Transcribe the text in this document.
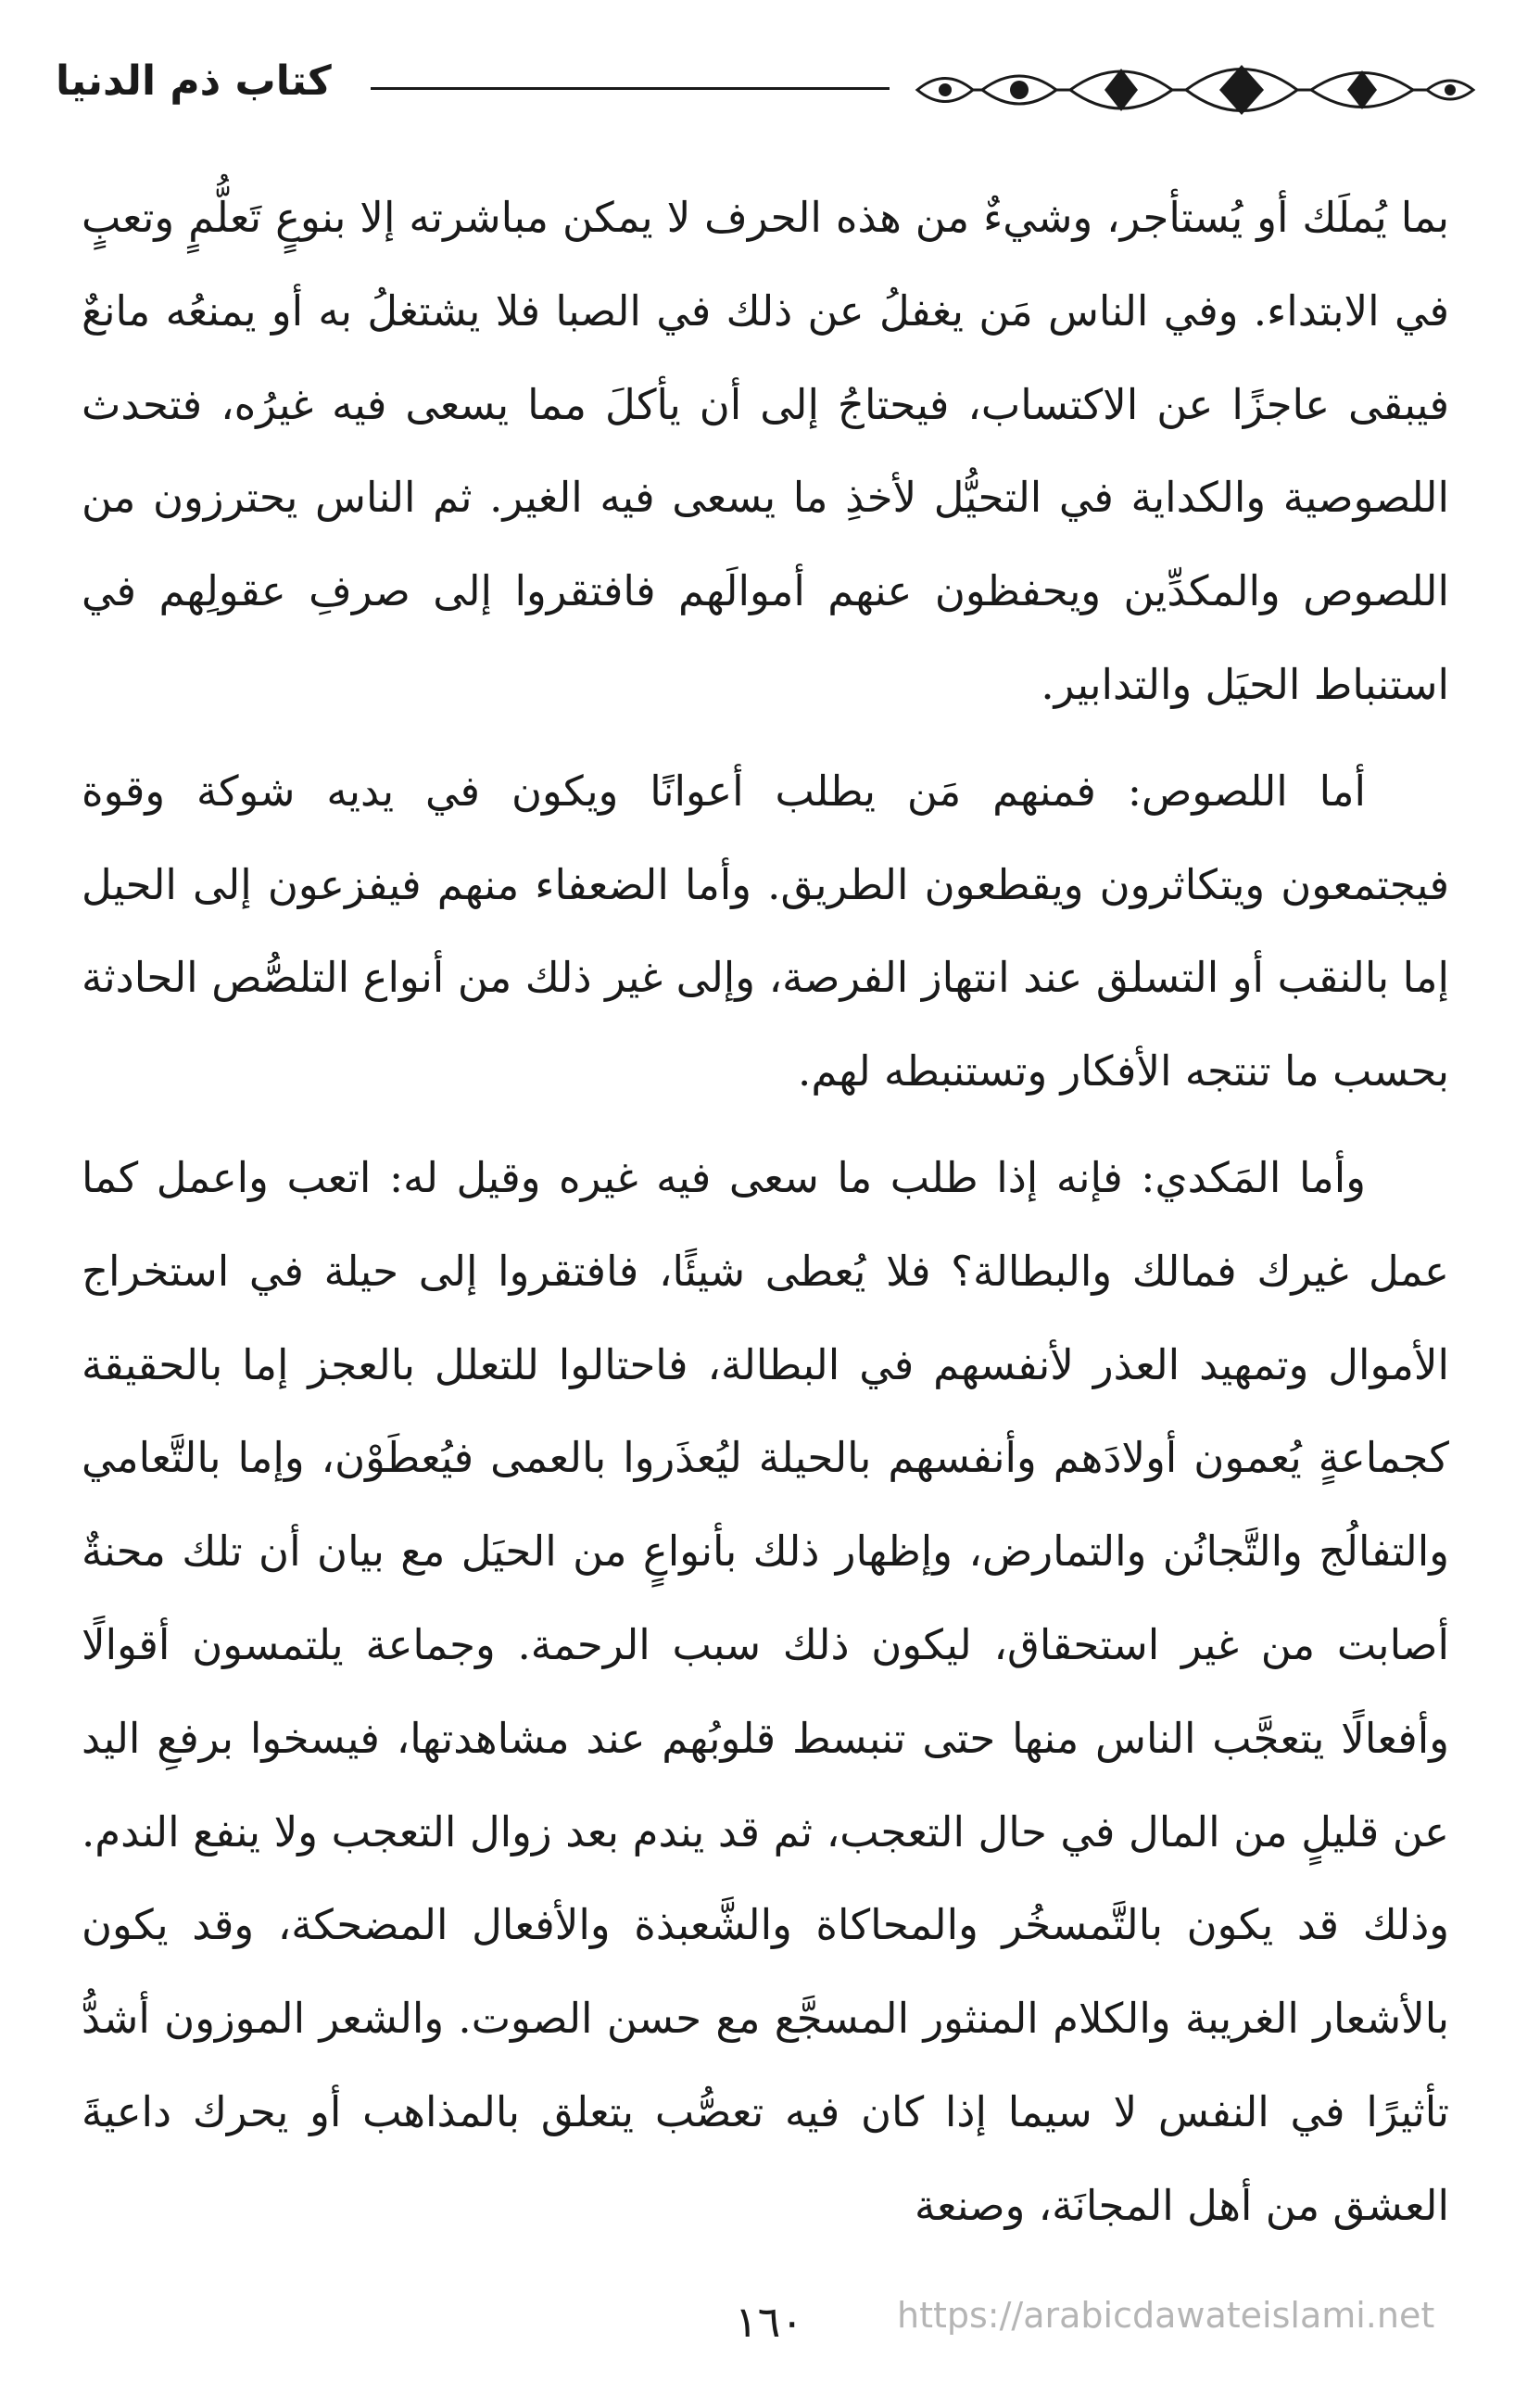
كتاب ذم الدنيا

بما يُملَك أو يُستأجر، وشيءٌ من هذه الحرف لا يمكن مباشرته إلا بنوعٍ تَعلُّمٍ وتعبٍ في الابتداء. وفي الناس مَن يغفلُ عن ذلك في الصبا فلا يشتغلُ به أو يمنعُه مانعٌ فيبقى عاجزًا عن الاكتساب، فيحتاجُ إلى أن يأكلَ مما يسعى فيه غيرُه، فتحدث اللصوصية والكداية في التحيُّل لأخذِ ما يسعى فيه الغير. ثم الناس يحترزون من اللصوص والمكدِّين ويحفظون عنهم أموالَهم فافتقروا إلى صرفِ عقولِهم في استنباط الحيَل والتدابير.

أما اللصوص: فمنهم مَن يطلب أعوانًا ويكون في يديه شوكة وقوة فيجتمعون ويتكاثرون ويقطعون الطريق. وأما الضعفاء منهم فيفزعون إلى الحيل إما بالنقب أو التسلق عند انتهاز الفرصة، وإلى غير ذلك من أنواع التلصُّص الحادثة بحسب ما تنتجه الأفكار وتستنبطه لهم.

وأما المَكدي: فإنه إذا طلب ما سعى فيه غيره وقيل له: اتعب واعمل كما عمل غيرك فمالك والبطالة؟ فلا يُعطى شيئًا، فافتقروا إلى حيلة في استخراج الأموال وتمهيد العذر لأنفسهم في البطالة، فاحتالوا للتعلل بالعجز إما بالحقيقة كجماعةٍ يُعمون أولادَهم وأنفسهم بالحيلة ليُعذَروا بالعمى فيُعطَوْن، وإما بالتَّعامي والتفالُج والتَّجانُن والتمارض، وإظهار ذلك بأنواعٍ من الحيَل مع بيان أن تلك محنةٌ أصابت من غير استحقاق، ليكون ذلك سبب الرحمة. وجماعة يلتمسون أقوالًا وأفعالًا يتعجَّب الناس منها حتى تنبسط قلوبُهم عند مشاهدتها، فيسخوا برفعِ اليد عن قليلٍ من المال في حال التعجب، ثم قد يندم بعد زوال التعجب ولا ينفع الندم. وذلك قد يكون بالتَّمسخُر والمحاكاة والشَّعبذة والأفعال المضحكة، وقد يكون بالأشعار الغريبة والكلام المنثور المسجَّع مع حسن الصوت. والشعر الموزون أشدُّ تأثيرًا في النفس لا سيما إذا كان فيه تعصُّب يتعلق بالمذاهب أو يحرك داعيةَ العشق من أهل المجانَة، وصنعة

١٦٠	https://arabicdawateislami.net
